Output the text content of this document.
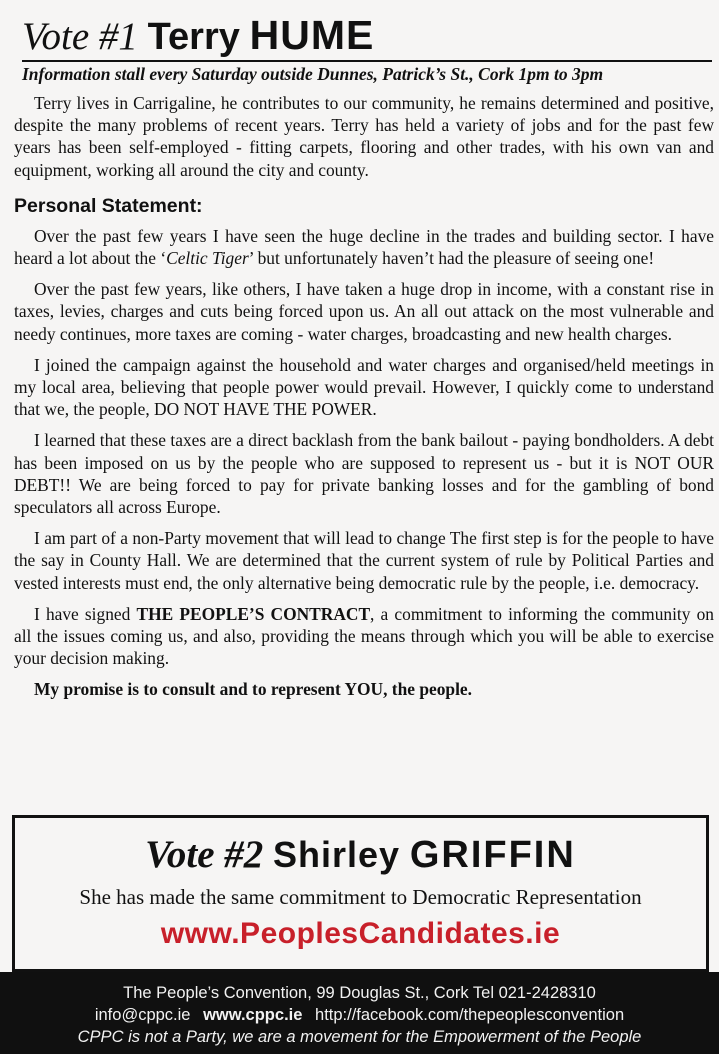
Vote #1 Terry HUME
Information stall every Saturday outside Dunnes, Patrick’s St., Cork 1pm to 3pm

Terry lives in Carrigaline, he contributes to our community, he remains determined and positive, despite the many problems of recent years. Terry has held a variety of jobs and for the past few years has been self-employed - fitting carpets, flooring and other trades, with his own van and equipment, working all around the city and county.

Personal Statement:

Over the past few years I have seen the huge decline in the trades and building sector. I have heard a lot about the ‘Celtic Tiger’ but unfortunately haven’t had the pleasure of seeing one!

Over the past few years, like others, I have taken a huge drop in income, with a constant rise in taxes, levies, charges and cuts being forced upon us. An all out attack on the most vulnerable and needy continues, more taxes are coming - water charges, broadcasting and new health charges.

I joined the campaign against the household and water charges and organised/held meetings in my local area, believing that people power would prevail. However, I quickly come to understand that we, the people, DO NOT HAVE THE POWER.

I learned that these taxes are a direct backlash from the bank bailout - paying bondholders. A debt has been imposed on us by the people who are supposed to represent us - but it is NOT OUR DEBT!! We are being forced to pay for private banking losses and for the gambling of bond speculators all across Europe.

I am part of a non-Party movement that will lead to change The first step is for the people to have the say in County Hall. We are determined that the current system of rule by Political Parties and vested interests must end, the only alternative being democratic rule by the people, i.e. democracy.

I have signed THE PEOPLE’S CONTRACT, a commitment to informing the community on all the issues coming us, and also, providing the means through which you will be able to exercise your decision making.

My promise is to consult and to represent YOU, the people.

Vote #2 Shirley GRIFFIN
She has made the same commitment to Democratic Representation
www.PeoplesCandidates.ie
The People’s Convention, 99 Douglas St., Cork Tel 021-2428310
info@cppc.ie www.cppc.ie http://facebook.com/thepeoplesconvention
CPPC is not a Party, we are a movement for the Empowerment of the People
